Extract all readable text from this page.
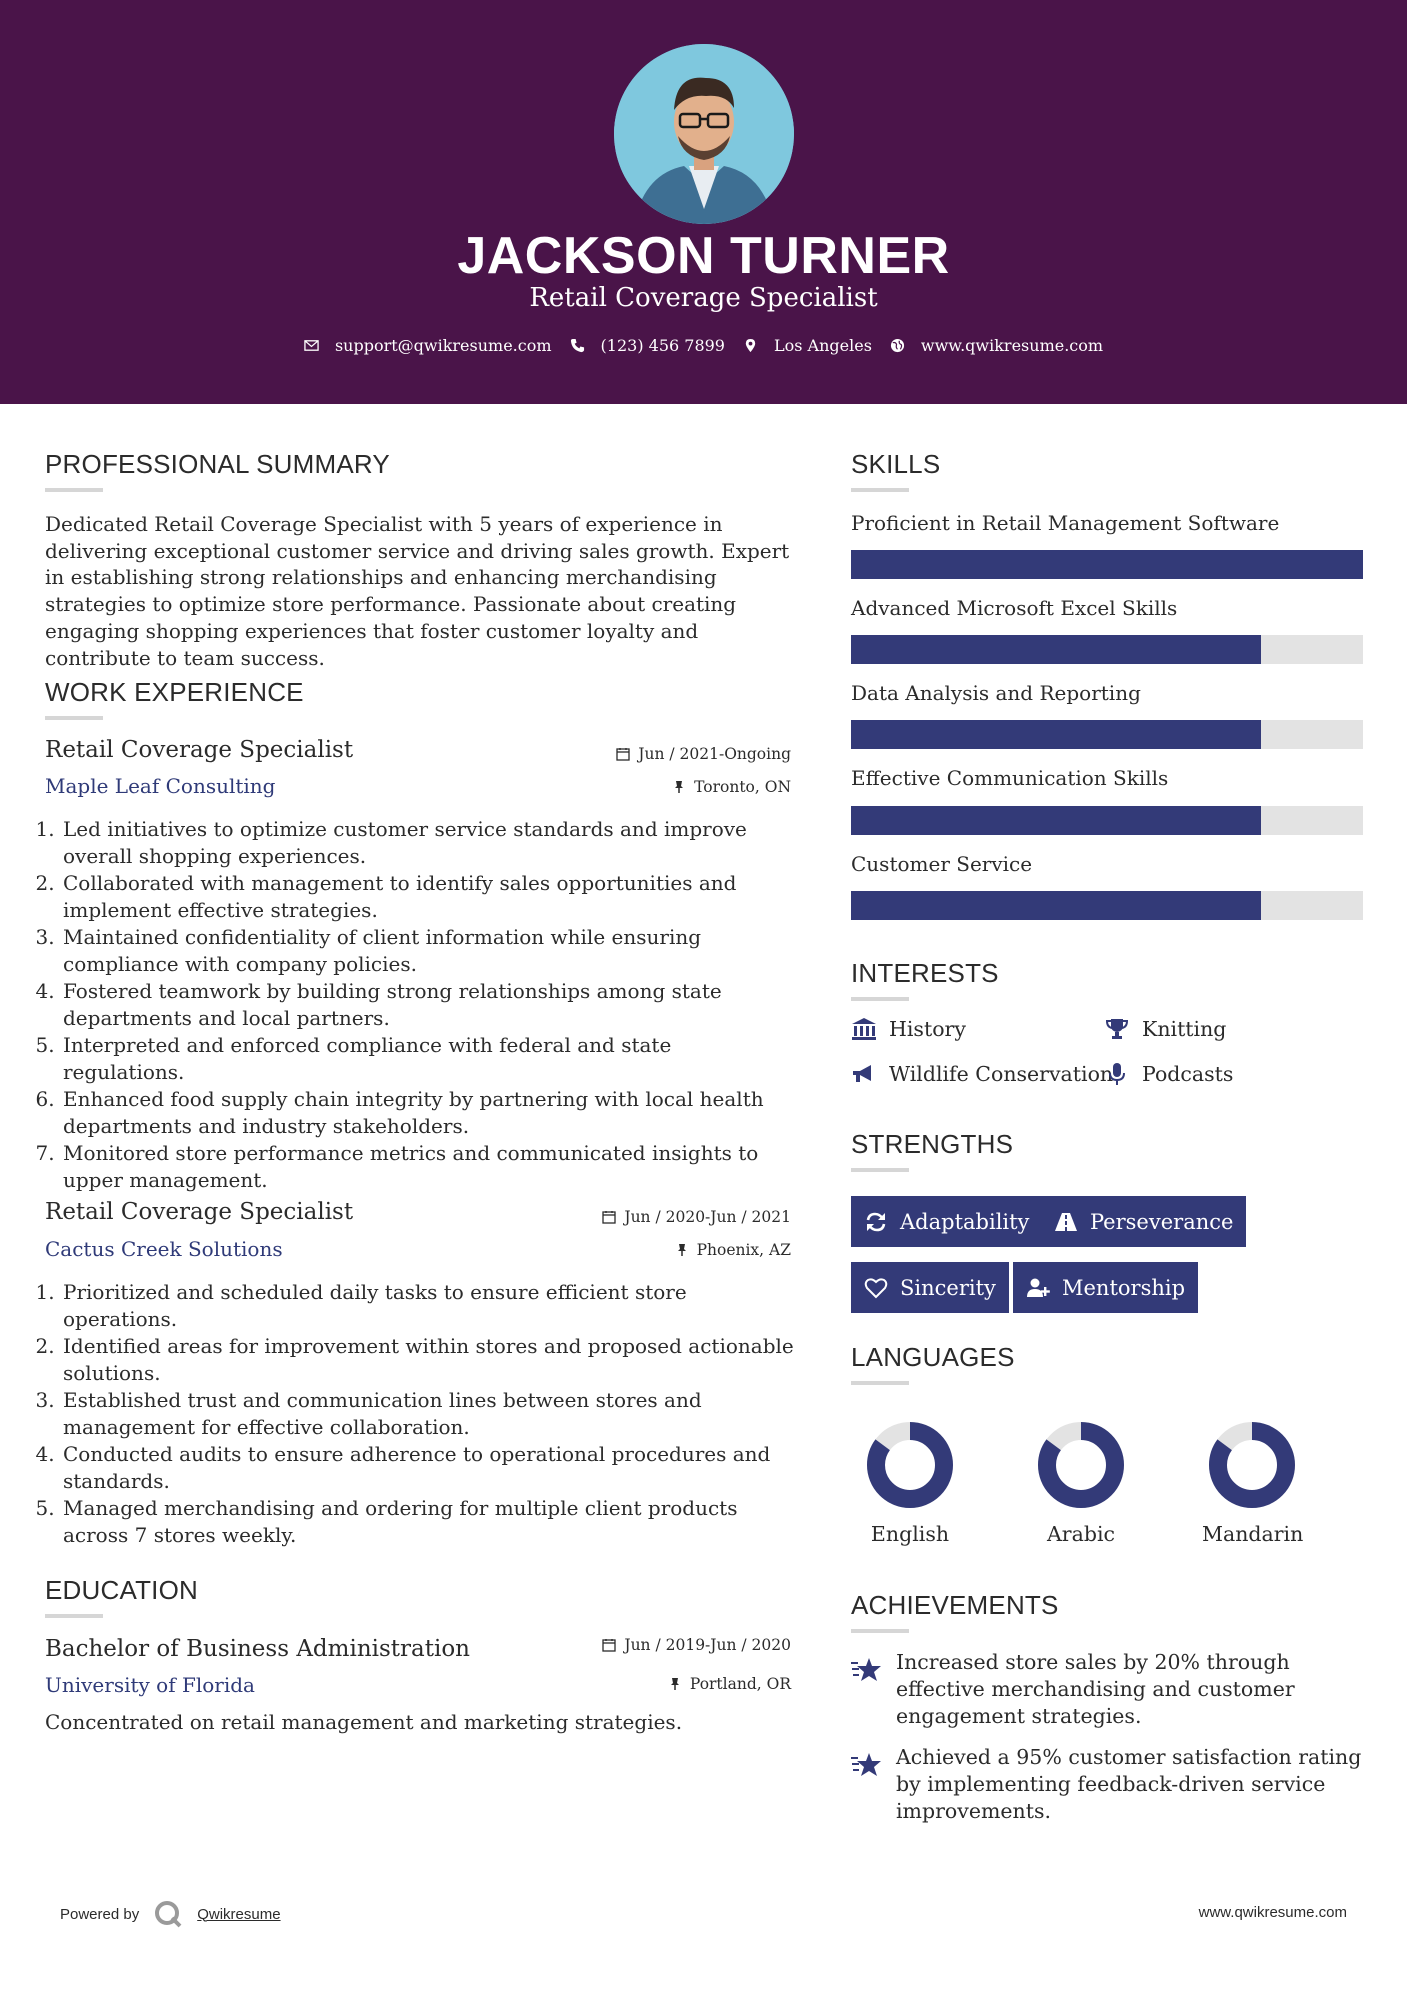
JACKSON TURNER
Retail Coverage Specialist
support@qwikresume.com	(123) 456 7899	Los Angeles	www.qwikresume.com
PROFESSIONAL SUMMARY
Dedicated Retail Coverage Specialist with 5 years of experience in delivering exceptional customer service and driving sales growth. Expert in establishing strong relationships and enhancing merchandising strategies to optimize store performance. Passionate about creating engaging shopping experiences that foster customer loyalty and contribute to team success.
WORK EXPERIENCE
Retail Coverage Specialist
Maple Leaf Consulting
Jun / 2021-Ongoing
Toronto, ON
1. Led initiatives to optimize customer service standards and improve overall shopping experiences.
2. Collaborated with management to identify sales opportunities and implement effective strategies.
3. Maintained confidentiality of client information while ensuring compliance with company policies.
4. Fostered teamwork by building strong relationships among state departments and local partners.
5. Interpreted and enforced compliance with federal and state regulations.
6. Enhanced food supply chain integrity by partnering with local health departments and industry stakeholders.
7. Monitored store performance metrics and communicated insights to upper management.
Retail Coverage Specialist
Cactus Creek Solutions
Jun / 2020-Jun / 2021
Phoenix, AZ
1. Prioritized and scheduled daily tasks to ensure efficient store operations.
2. Identified areas for improvement within stores and proposed actionable solutions.
3. Established trust and communication lines between stores and management for effective collaboration.
4. Conducted audits to ensure adherence to operational procedures and standards.
5. Managed merchandising and ordering for multiple client products across 7 stores weekly.
EDUCATION
Bachelor of Business Administration
University of Florida
Jun / 2019-Jun / 2020
Portland, OR
Concentrated on retail management and marketing strategies.
SKILLS
Proficient in Retail Management Software
Advanced Microsoft Excel Skills
Data Analysis and Reporting
Effective Communication Skills
Customer Service
INTERESTS
History	Knitting
Wildlife Conservation Podcasts
STRENGTHS
Adaptability	Perseverance
Sincerity	Mentorship
LANGUAGES
English	Arabic	Mandarin
ACHIEVEMENTS
Increased store sales by 20% through effective merchandising and customer engagement strategies.
Achieved a 95% customer satisfaction rating by implementing feedback-driven service improvements.
Powered by	Qwikresume	www.qwikresume.com
